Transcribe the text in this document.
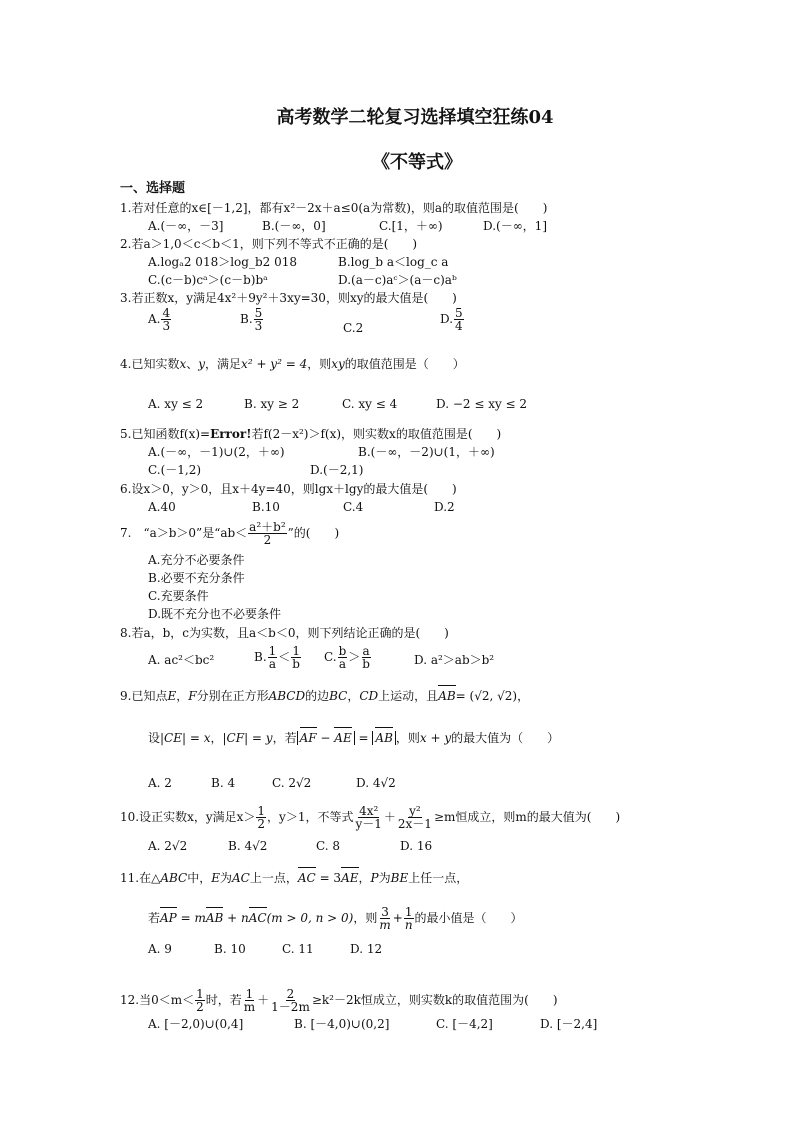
高考数学二轮复习选择填空狂练04
《不等式》
一、选择题
1.若对任意的x∈[－1,2]，都有x²－2x＋a≤0(a为常数)，则a的取值范围是(　　)
A.(－∞，－3]	B.(－∞，0]	C.[1，＋∞)	D.(－∞，1]
2.若a＞1,0＜c＜b＜1，则下列不等式不正确的是(　　)
A.logₐ2 018＞log_b2 018	B.log_b a＜log_c a
C.(c－b)cᵃ＞(c－b)bᵃ	D.(a－c)aᶜ＞(a－c)aᵇ
3.若正数x，y满足4x²＋9y²＋3xy=30，则xy的最大值是(　　)
A. $\frac{4}{3}$	B. $\frac{5}{3}$	C.2
D. $\frac{5}{4}$
4.已知实数x、y，满足x² + y² = 4，则xy的取值范围是（　　）
A. xy ≤ 2	B. xy ≥ 2	C. xy ≤ 4	D. −2 ≤ xy ≤ 2
5.已知函数f(x)=Error!若f(2－x²)＞f(x)，则实数x的取值范围是(　　)
A.(－∞，－1)∪(2，＋∞)	B.(－∞，－2)∪(1，＋∞)
C.(－1,2)	D.(－2,1)
6.设x＞0，y＞0，且x＋4y=40，则lgx＋lgy的最大值是(　　)
A.40	B.10	C.4	D.2
7.　“a＞b＞0”是“$ab< \frac{\text{a²＋b²}}{2}$ ”的(　　)
A.充分不必要条件
B.必要不充分条件
C.充要条件
D.既不充分也不必要条件
8.若a，b，c为实数，且a＜b＜0，则下列结论正确的是(　　)
A. ac²＜bc²	B. $\frac{1}{a} < \frac{1}{b} C$. $\frac{b}{a} > \frac{a}{b}$	D. a²＞ab＞b²
9.已知点E，F分别在正方形ABCD的边BC，CD上运动，且AB= (√2, √2)，
设|CE| = x，|CF| = y，若 AF − AE = AB ，则x + y的最大值为（　　）
A. 2	B. 4	C. 2√2	D. 4√2
10.设正实数x，y满足$x> \frac{1}{2}$ ，y＞1，不等式 $\frac{\text{4x²}}{y-1} + \frac{\text{y²}}{2x-1} \ge m$恒成立，则m的最大值为(　　)
A. 2√2	B. 4√2	C. 8	D. 16
11.在△ABC中，E为AC上一点，AC = 3AE，P为BE上任一点，
若AP = mAB + nAC(m > 0, n > 0)，则 $\frac{3}{m} + \frac{1}{n}$ 的最小值是（　　）
A. 9	B. 10	C. 11	D. 12
12.当$0<m< \frac{1}{2}$ 时，若 $\frac{1}{m} + \frac{2}{1-2m} \ge k^2-2k$恒成立，则实数k的取值范围为(　　)
A. [－2,0)∪(0,4]	B. [－4,0)∪(0,2]	C. [－4,2]	D. [－2,4]
